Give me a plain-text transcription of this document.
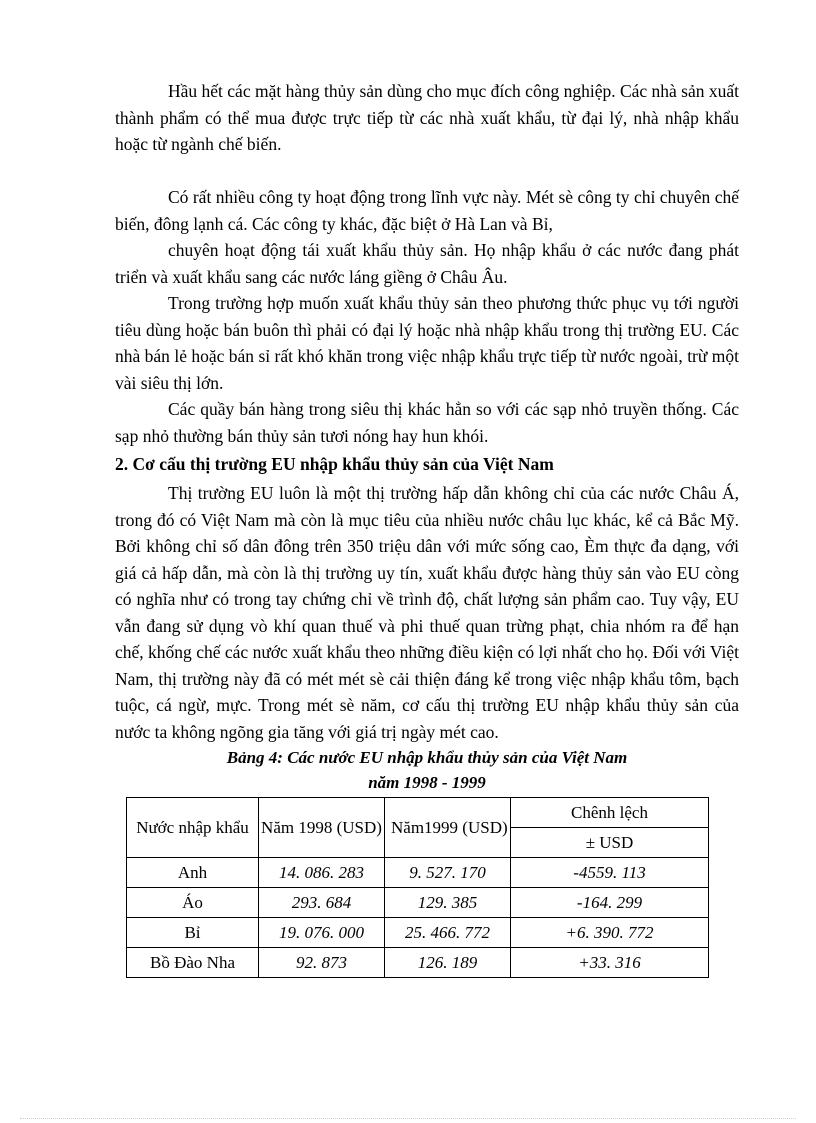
Hầu hết các mặt hàng thủy sản dùng cho mục đích công nghiệp. Các nhà sản xuất thành phẩm có thể mua được trực tiếp từ các nhà xuất khẩu, từ đại lý, nhà nhập khẩu hoặc từ ngành chế biến.

Có rất nhiều công ty hoạt động trong lĩnh vực này. Mét sè công ty chỉ chuyên chế biến, đông lạnh cá. Các công ty khác, đặc biệt ở Hà Lan và Bỉ,

chuyên hoạt động tái xuất khẩu thủy sản. Họ nhập khẩu ở các nước đang phát triển và xuất khẩu sang các nước láng giềng ở Châu Âu.

Trong trường hợp muốn xuất khẩu thủy sản theo phương thức phục vụ tới người tiêu dùng hoặc bán buôn thì phải có đại lý hoặc nhà nhập khẩu trong thị trường EU. Các nhà bán lẻ hoặc bán sỉ rất khó khăn trong việc nhập khẩu trực tiếp từ nước ngoài, trừ một vài siêu thị lớn.

Các quầy bán hàng trong siêu thị khác hẳn so với các sạp nhỏ truyền thống. Các sạp nhỏ thường bán thủy sản tươi nóng hay hun khói.

2. Cơ cấu thị trường EU nhập khẩu thủy sản của Việt Nam

Thị trường EU luôn là một thị trường hấp dẫn không chỉ của các nước Châu Á, trong đó có Việt Nam mà còn là mục tiêu của nhiều nước châu lục khác, kể cả Bắc Mỹ. Bởi không chỉ số dân đông trên 350 triệu dân với mức sống cao, Èm thực đa dạng, với giá cả hấp dẫn, mà còn là thị trường uy tín, xuất khẩu được hàng thủy sản vào EU còng có nghĩa như có trong tay chứng chỉ về trình độ, chất lượng sản phẩm cao. Tuy vậy, EU vẫn đang sử dụng vò khí quan thuế và phi thuế quan trừng phạt, chia nhóm ra để hạn chế, khống chế các nước xuất khẩu theo những điều kiện có lợi nhất cho họ. Đối với Việt Nam, thị trường này đã có mét mét sè cải thiện đáng kể trong việc nhập khẩu tôm, bạch tuộc, cá ngừ, mực. Trong mét sè năm, cơ cấu thị trường EU nhập khẩu thủy sản của nước ta không ngõng gia tăng với giá trị ngày mét cao.

Bảng 4: Các nước EU nhập khẩu thủy sản của Việt Nam
năm 1998 - 1999
Nước nhập khẩu	Năm 1998 (USD)	Năm1999 (USD)	Chênh lệch
			± USD
Anh	14. 086. 283	9. 527. 170	-4559. 113
Áo	293. 684	129. 385	-164. 299
Bỉ	19. 076. 000	25. 466. 772	+6. 390. 772
Bồ Đào Nha	92. 873	126. 189	+33. 316
